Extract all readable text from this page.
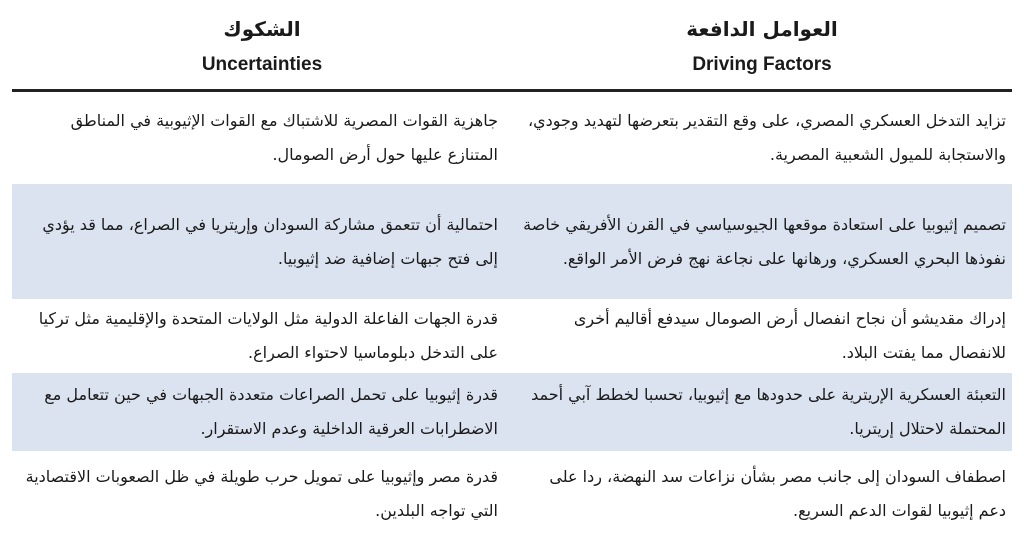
العوامل الدافعة
Driving Factors
الشكوك
Uncertainties
تزايد التدخل العسكري المصري، على وقع التقدير بتعرضها لتهديد وجودي، والاستجابة للميول الشعبية المصرية.
جاهزية القوات المصرية للاشتباك مع القوات الإثيوبية في المناطق المتنازع عليها حول أرض الصومال.
تصميم إثيوبيا على استعادة موقعها الجيوسياسي في القرن الأفريقي خاصة نفوذها البحري العسكري، ورهانها على نجاعة نهج فرض الأمر الواقع.
احتمالية أن تتعمق مشاركة السودان وإريتريا في الصراع، مما قد يؤدي إلى فتح جبهات إضافية ضد إثيوبيا.
إدراك مقديشو أن نجاح انفصال أرض الصومال سيدفع أقاليم أخرى للانفصال مما يفتت البلاد.
قدرة الجهات الفاعلة الدولية مثل الولايات المتحدة والإقليمية مثل تركيا على التدخل دبلوماسيا لاحتواء الصراع.
التعبئة العسكرية الإريترية على حدودها مع إثيوبيا، تحسبا لخطط آبي أحمد المحتملة لاحتلال إريتريا.
قدرة إثيوبيا على تحمل الصراعات متعددة الجبهات في حين تتعامل مع الاضطرابات العرقية الداخلية وعدم الاستقرار.
اصطفاف السودان إلى جانب مصر بشأن نزاعات سد النهضة، ردا على دعم إثيوبيا لقوات الدعم السريع.
قدرة مصر وإثيوبيا على تمويل حرب طويلة في ظل الصعوبات الاقتصادية التي تواجه البلدين.
